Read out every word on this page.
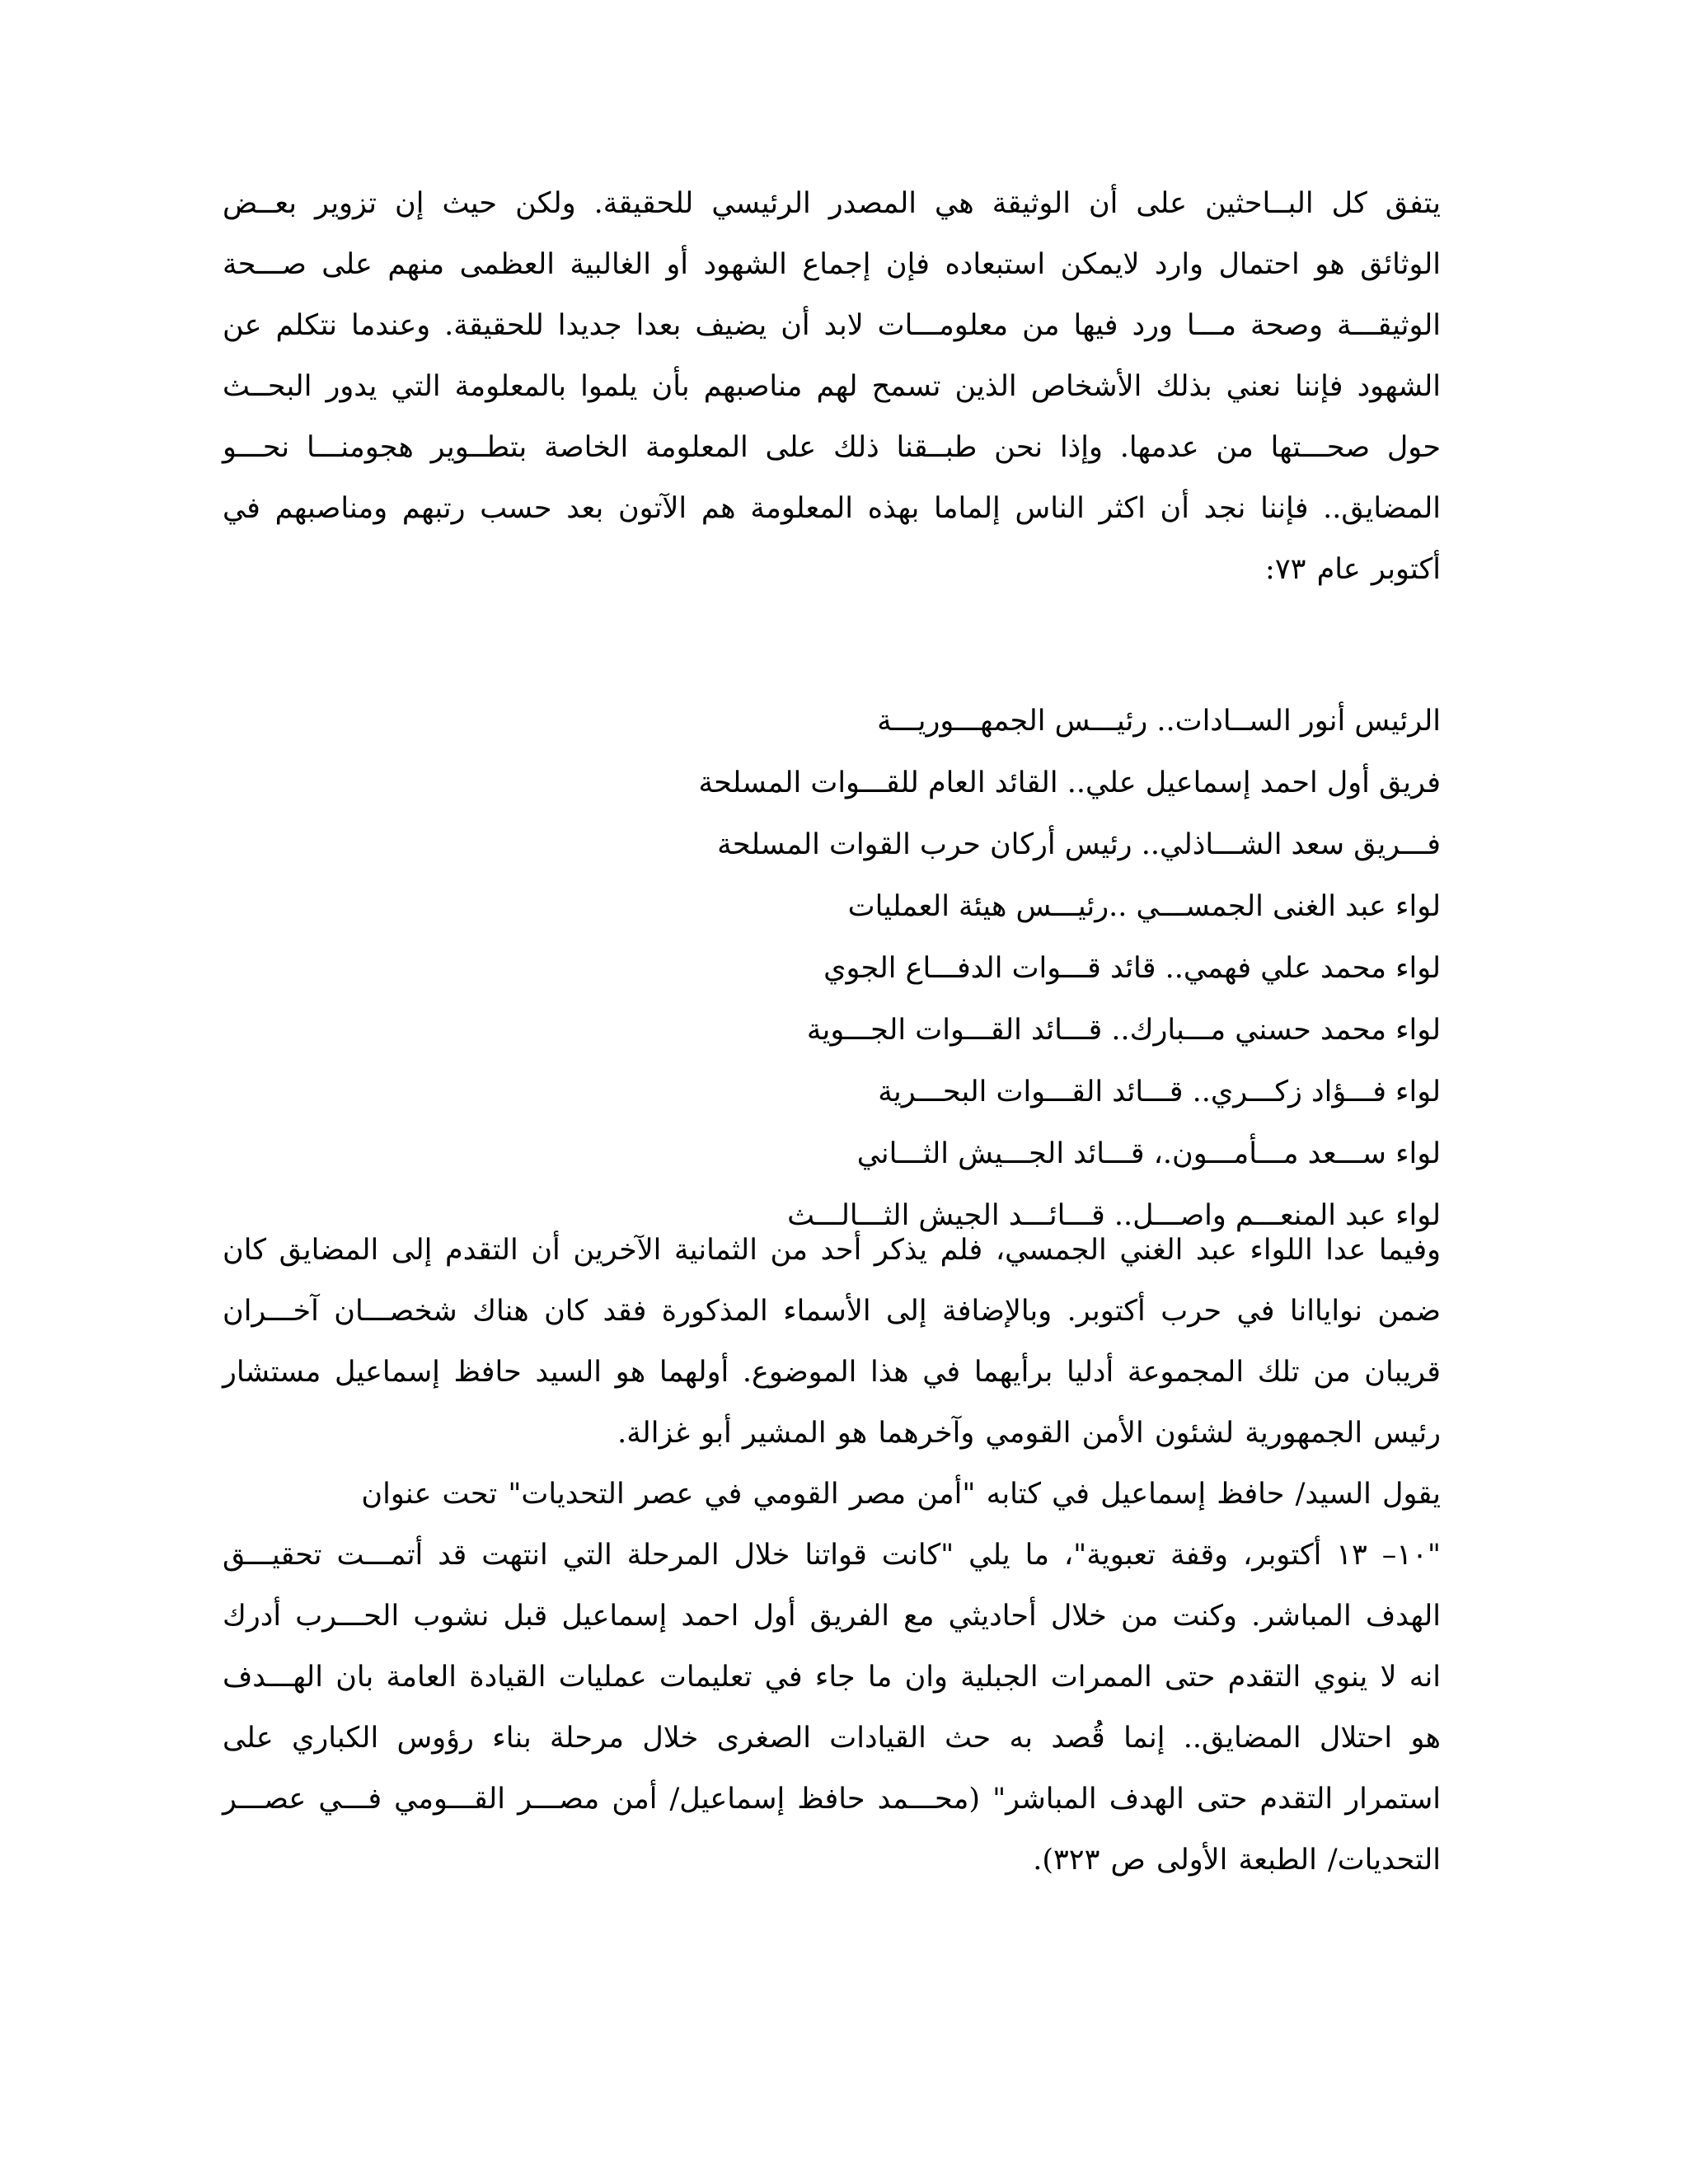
يتفق كل البــاحثين على أن الوثيقة هي المصدر الرئيسي للحقيقة. ولكن حيث إن تزوير بعــض
الوثائق هو احتمال وارد لايمكن استبعاده فإن إجماع الشهود أو الغالبية العظمى منهم على صـــحة
الوثيقـــة وصحة مـــا ورد فيها من معلومـــات لابد أن يضيف بعدا جديدا للحقيقة. وعندما نتكلم عن
الشهود فإننا نعني بذلك الأشخاص الذين تسمح لهم مناصبهم بأن يلموا بالمعلومة التي يدور البحــث
حول صحـــتها من عدمها. وإذا نحن طبــقنا ذلك على المعلومة الخاصة بتطــوير هجومنـــا نحـــو
المضايق.. فإننا نجد أن اكثر الناس إلماما بهذه المعلومة هم الآتون بعد حسب رتبهم ومناصبهم في
أكتوبر عام ٧٣:
الرئيس أنور الســادات.. رئيـــس الجمهـــوريـــة
فريق أول احمد إسماعيل علي.. القائد العام للقـــوات المسلحة
فـــريق سعد الشـــاذلي.. رئيس أركان حرب القوات المسلحة
لواء عبد الغنى الجمســـي ..رئيـــس هيئة العمليات
لواء محمد علي فهمي.. قائد قـــوات الدفـــاع الجوي
لواء محمد حسني مـــبارك.. قـــائد القـــوات الجـــوية
لواء فـــؤاد زكـــري.. قـــائد القـــوات البحـــرية
لواء ســـعد مـــأمـــون.، قـــائد الجـــيش الثـــاني
لواء عبد المنعـــم واصـــل.. قـــائـــد الجيش الثـــالـــث
وفيما عدا اللواء عبد الغني الجمسي، فلم يذكر أحد من الثمانية الآخرين أن التقدم إلى المضايق كان
ضمن نواياانا في حرب أكتوبر. وبالإضافة إلى الأسماء المذكورة فقد كان هناك شخصـــان آخـــران
قريبان من تلك المجموعة أدليا برأيهما في هذا الموضوع. أولهما هو السيد حافظ إسماعيل مستشار
رئيس الجمهورية لشئون الأمن القومي وآخرهما هو المشير أبو غزالة.
يقول السيد/ حافظ إسماعيل في كتابه "أمن مصر القومي في عصر التحديات" تحت عنوان
"١٠– ١٣ أكتوبر، وقفة تعبوية"، ما يلي "كانت قواتنا خلال المرحلة التي انتهت قد أتمـــت تحقيـــق
الهدف المباشر. وكنت من خلال أحاديثي مع الفريق أول احمد إسماعيل قبل نشوب الحـــرب أدرك
انه لا ينوي التقدم حتى الممرات الجبلية وان ما جاء في تعليمات عمليات القيادة العامة بان الهـــدف
هو احتلال المضايق.. إنما قُصد به حث القيادات الصغرى خلال مرحلة بناء رؤوس الكباري على
استمرار التقدم حتى الهدف المباشر" (محـــمد حافظ إسماعيل/ أمن مصـــر القـــومي فـــي عصـــر
التحديات/ الطبعة الأولى ص ٣٢٣).
